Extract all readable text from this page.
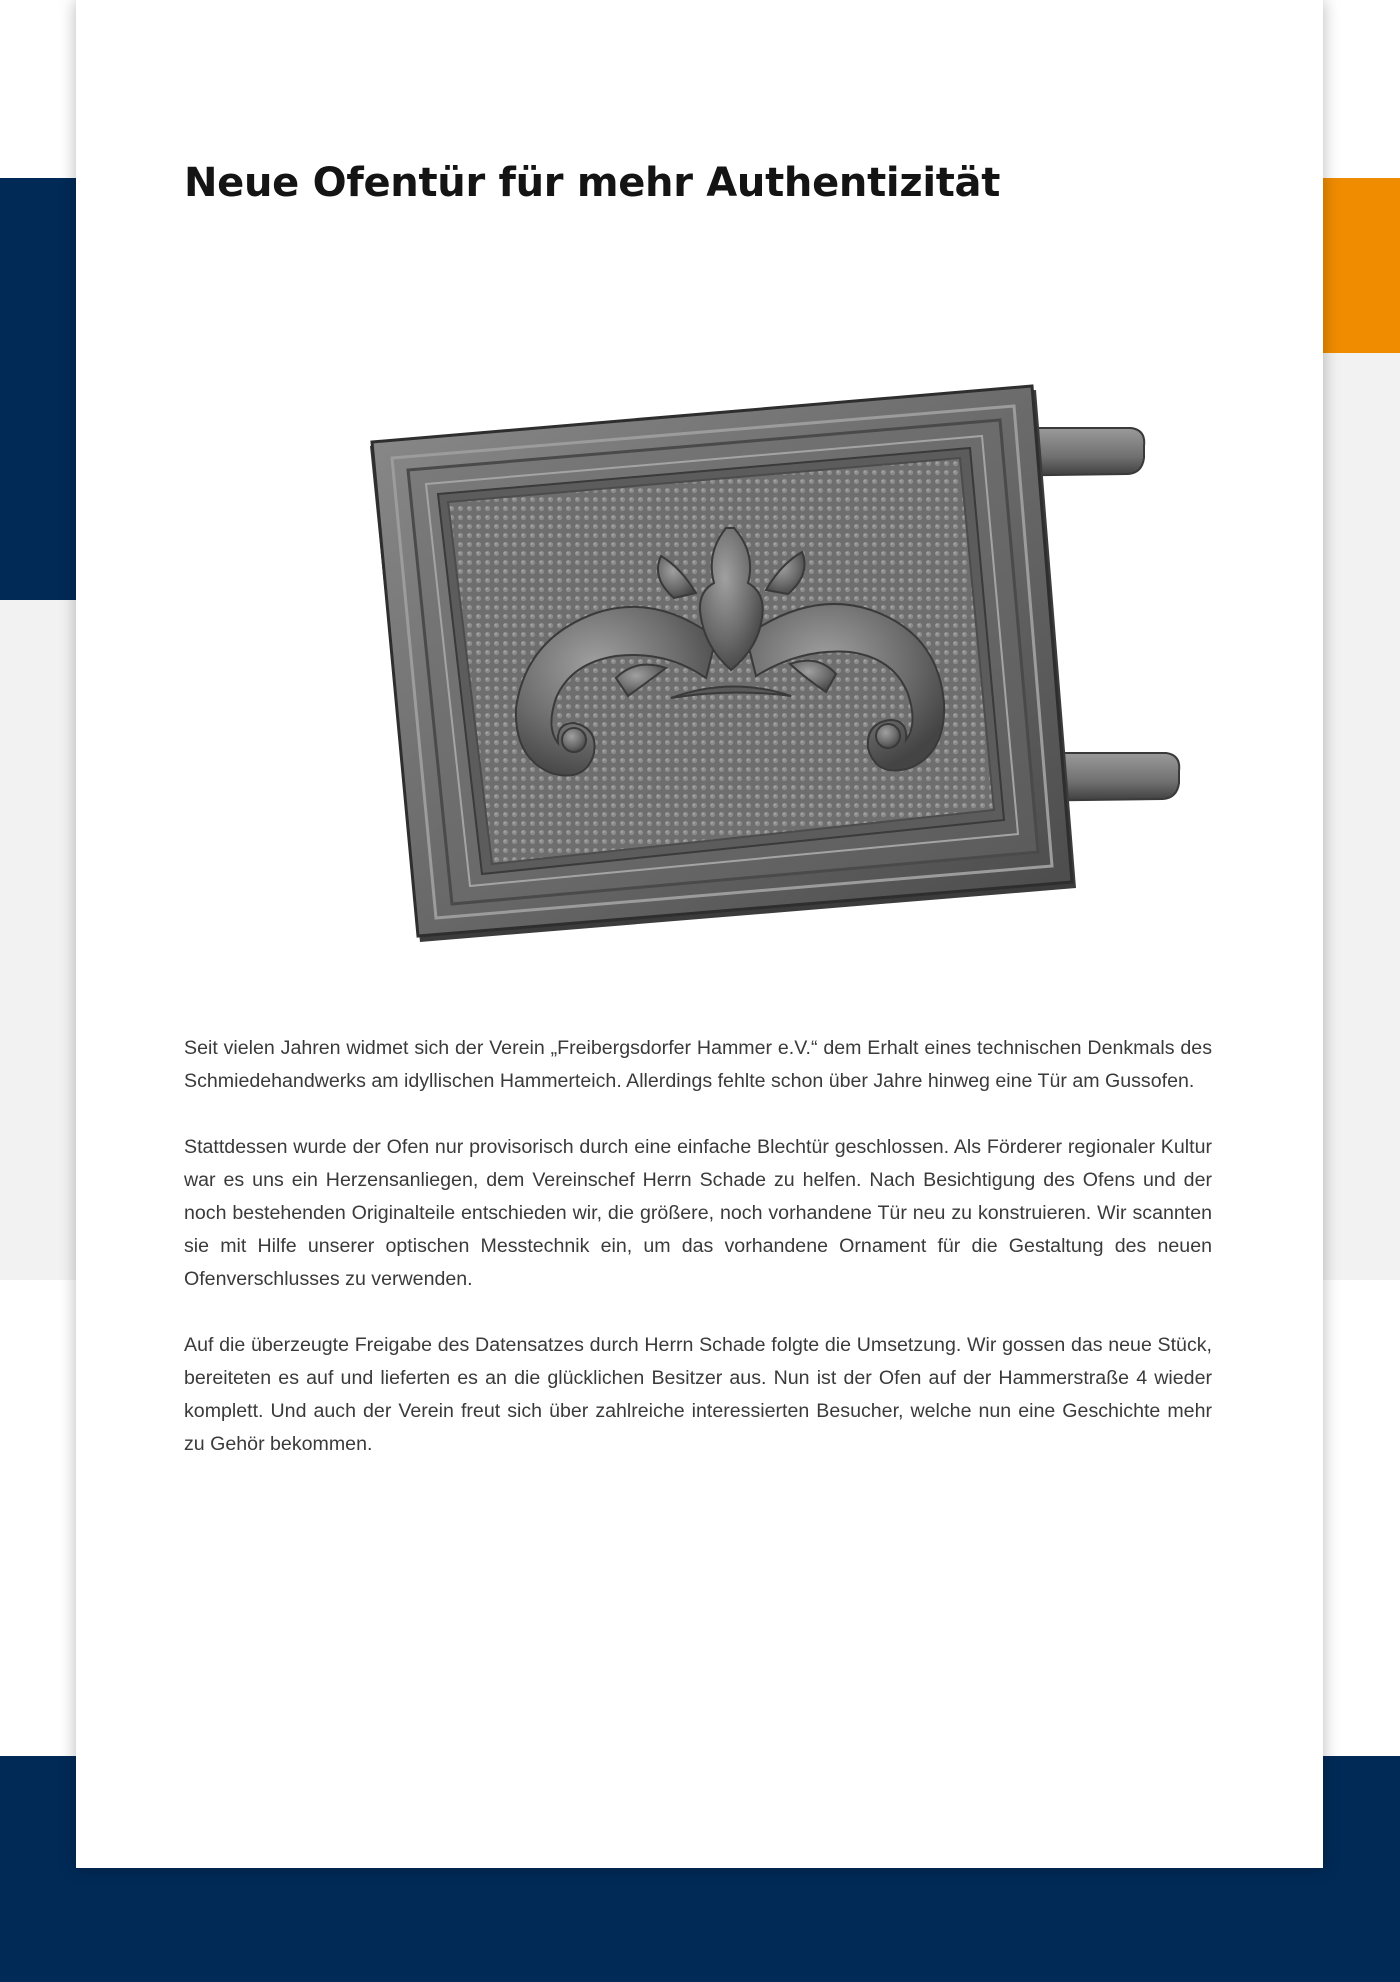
Neue Ofentür für mehr Authentizität

Seit vielen Jahren widmet sich der Verein „Freibergsdorfer Hammer e.V.“ dem Erhalt eines technischen Denkmals des Schmiedehandwerks am idyllischen Hammerteich. Allerdings fehlte schon über Jahre hinweg eine Tür am Gussofen.

Stattdessen wurde der Ofen nur provisorisch durch eine einfache Blechtür geschlossen. Als Förderer regionaler Kultur war es uns ein Herzensanliegen, dem Vereinschef Herrn Schade zu helfen. Nach Besichtigung des Ofens und der noch bestehenden Originalteile entschieden wir, die größere, noch vorhandene Tür neu zu konstruieren. Wir scannten sie mit Hilfe unserer optischen Messtechnik ein, um das vorhandene Ornament für die Gestaltung des neuen Ofenverschlusses zu verwenden.

Auf die überzeugte Freigabe des Datensatzes durch Herrn Schade folgte die Umsetzung. Wir gossen das neue Stück, bereiteten es auf und lieferten es an die glücklichen Besitzer aus. Nun ist der Ofen auf der Hammerstraße 4 wieder komplett. Und auch der Verein freut sich über zahlreiche interessierten Besucher, welche nun eine Geschichte mehr zu Gehör bekommen.
